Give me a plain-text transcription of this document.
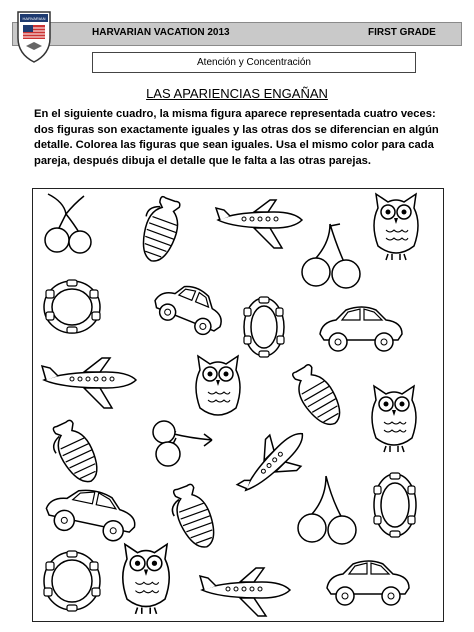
HARVARIAN
HARVARIAN VACATION 2013	FIRST GRADE
Atención y Concentración
LAS APARIENCIAS ENGAÑAN
En el siguiente cuadro, la misma figura aparece representada cuatro veces: dos figuras son exactamente iguales y las otras dos se diferencian en algún detalle. Colorea las figuras que sean iguales. Usa el mismo color para cada pareja, después dibuja el detalle que le falta a las otras parejas.
